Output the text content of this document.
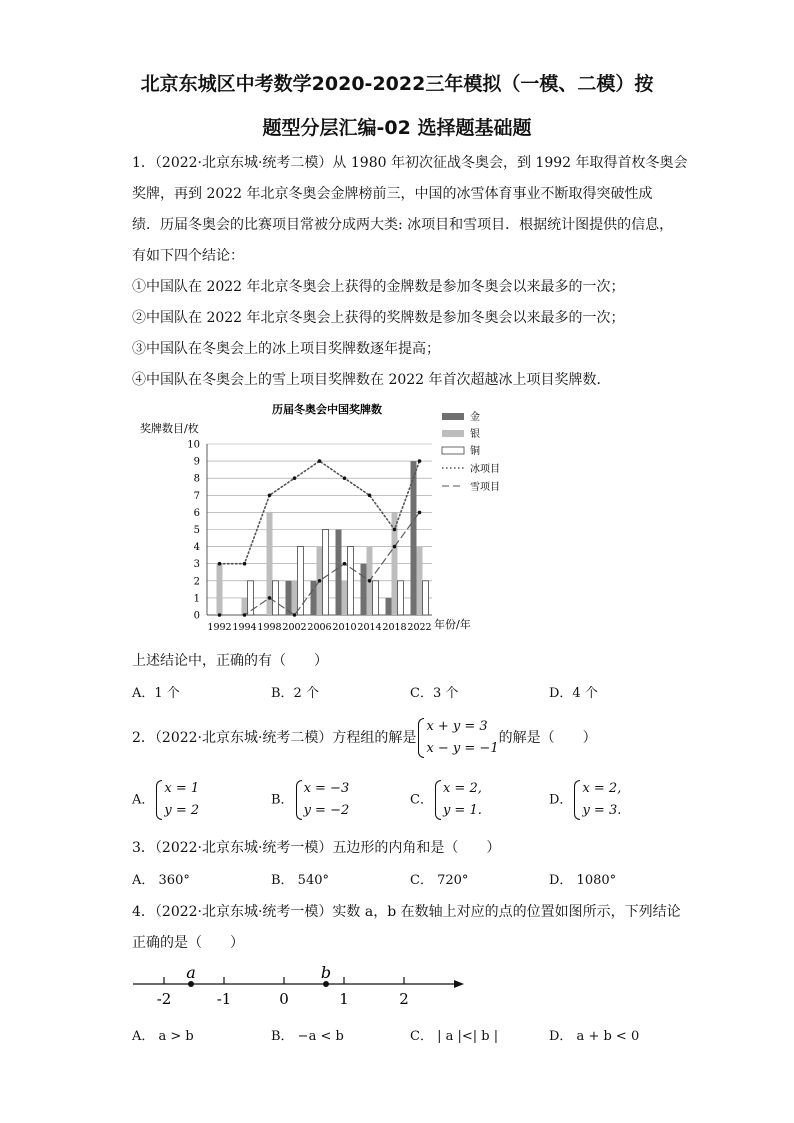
北京东城区中考数学2020-2022三年模拟（一模、二模）按
题型分层汇编-02 选择题基础题
1．（2022·北京东城·统考二模）从 1980 年初次征战冬奥会，到 1992 年取得首枚冬奥会
奖牌，再到 2022 年北京冬奥会金牌榜前三，中国的冰雪体育事业不断取得突破性成
绩．历届冬奥会的比赛项目常被分成两大类: 冰项目和雪项目．根据统计图提供的信息，
有如下四个结论：
①中国队在 2022 年北京冬奥会上获得的金牌数是参加冬奥会以来最多的一次；
②中国队在 2022 年北京冬奥会上获得的奖牌数是参加冬奥会以来最多的一次；
③中国队在冬奥会上的冰上项目奖牌数逐年提高；
④中国队在冬奥会上的雪上项目奖牌数在 2022 年首次超越冰上项目奖牌数．
历届冬奥会中国奖牌数
奖牌数目/枚
年份/年
0
1
2
3
4
5
6
7
8
9
10
1992 1994 1998 2002 2006 2010 2014 2018 2022
金
银
铜
冰项目
雪项目
上述结论中，正确的有（　　）
A．1 个	B．2 个	C．3 个	D．4 个
2．（2022·北京东城·统考二模）方程组的解是
x + y = 3
x − y = −1
的解是（　　）
A．
x = 1
y = 2
B．
x = −3
y = −2
C．
x = 2,
y = 1.
D．
x = 2,
y = 3.
3．（2022·北京东城·统考一模）五边形的内角和是（　　）
A． 360°	B． 540°	C． 720°	D． 1080°
4．（2022·北京东城·统考一模）实数 a，b 在数轴上对应的点的位置如图所示，下列结论
正确的是（　　）
-2	-1	0	1	2
a	b
A． a > b	B． −a < b	C． | a |<| b |	D． a + b < 0
